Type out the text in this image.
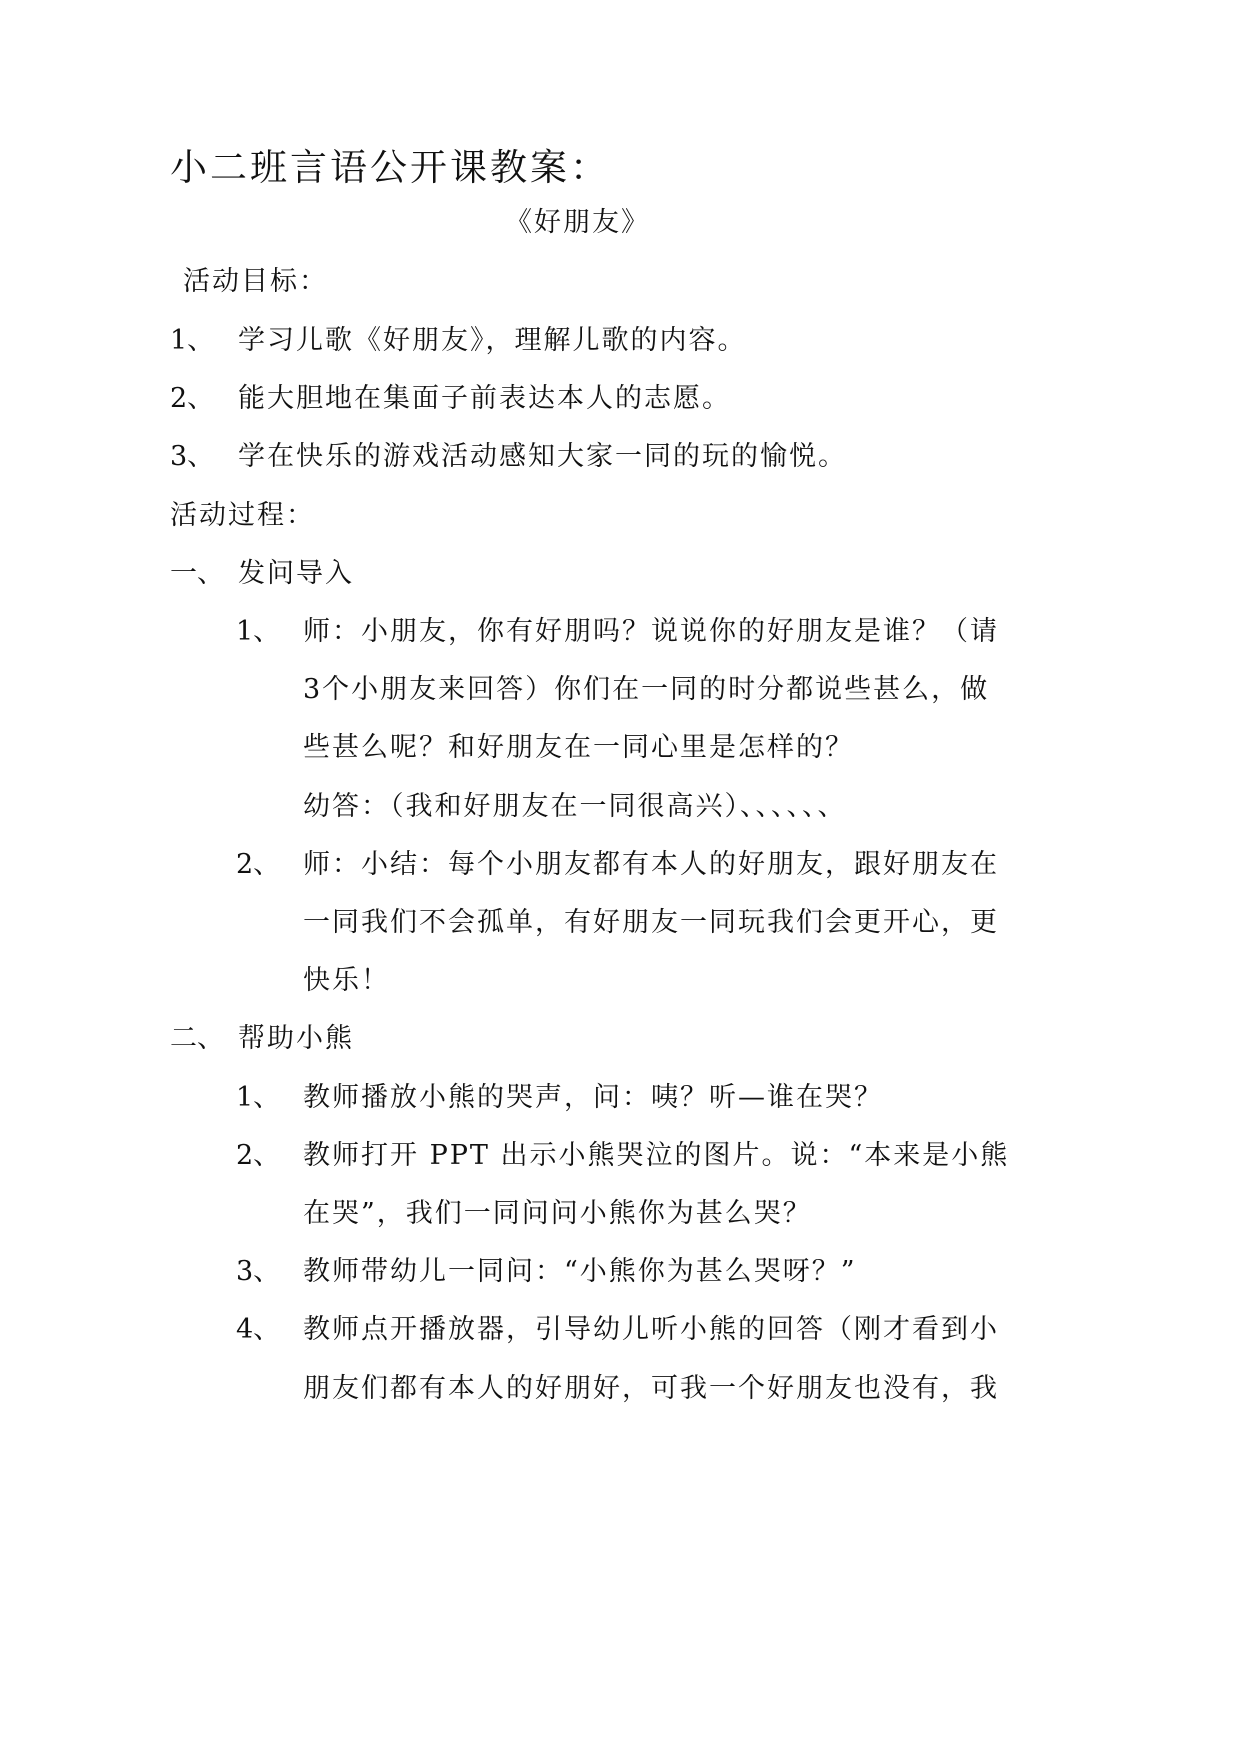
小二班言语公开课教案：
《好朋友》
活动目标：
1、 学习儿歌《好朋友》，理解儿歌的内容。
2、 能大胆地在集面子前表达本人的志愿。
3、 学在快乐的游戏活动感知大家一同的玩的愉悦。
活动过程：
一、 发问导入
1、 师：小朋友，你有好朋吗？说说你的好朋友是谁？（请
3个小朋友来回答）你们在一同的时分都说些甚么，做
些甚么呢？和好朋友在一同心里是怎样的？
幼答：（我和好朋友在一同很高兴）、、、、、、
2、 师：小结：每个小朋友都有本人的好朋友，跟好朋友在
一同我们不会孤单，有好朋友一同玩我们会更开心，更
快乐！
二、 帮助小熊
1、 教师播放小熊的哭声，问：咦？听—谁在哭？
2、 教师打开 PPT 出示小熊哭泣的图片。说：“本来是小熊
在哭”，我们一同问问小熊你为甚么哭？
3、 教师带幼儿一同问：“小熊你为甚么哭呀？”
4、 教师点开播放器，引导幼儿听小熊的回答（刚才看到小
朋友们都有本人的好朋好，可我一个好朋友也没有，我
